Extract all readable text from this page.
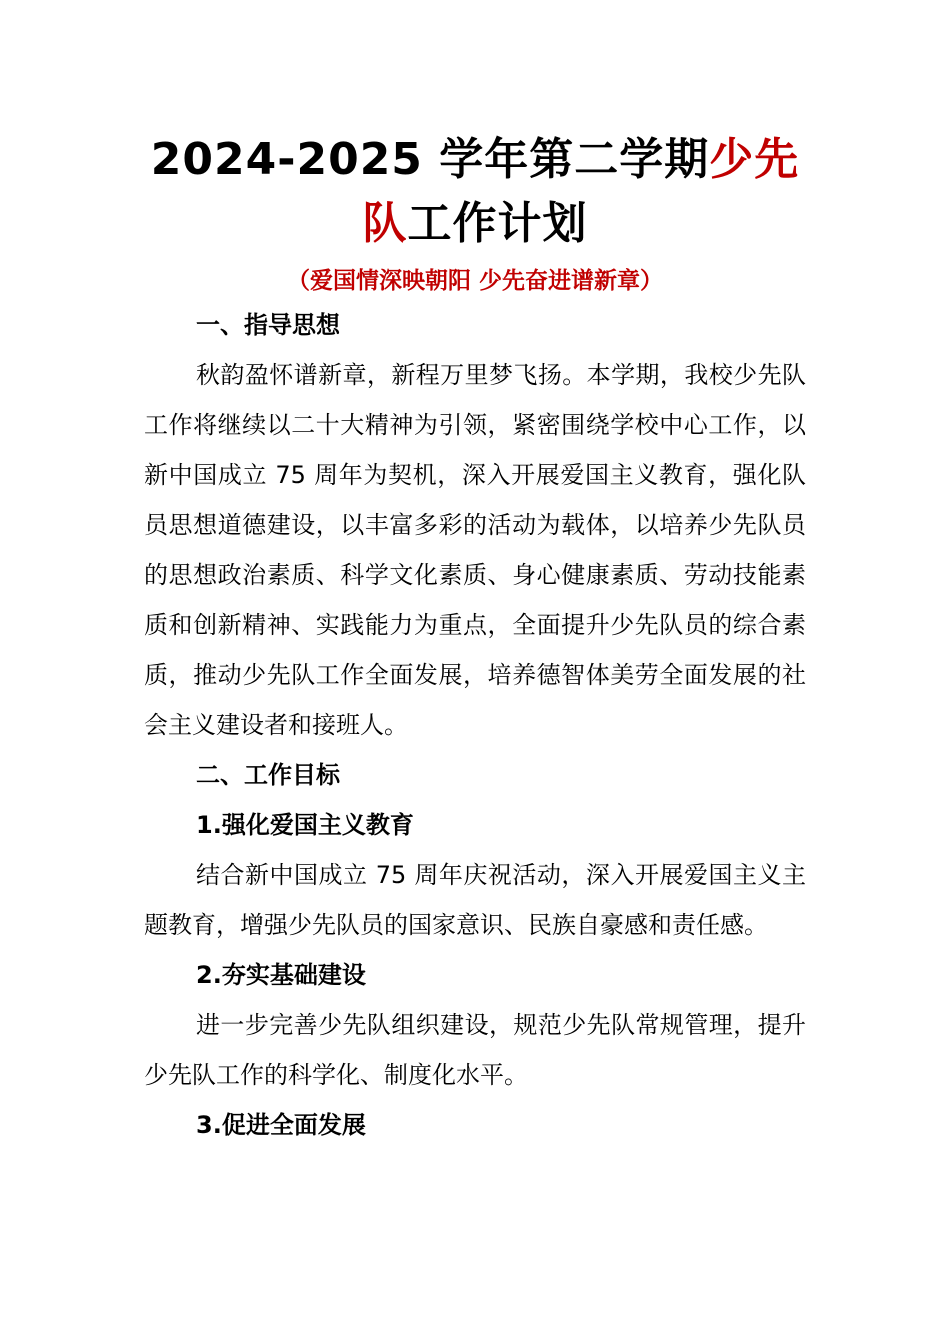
2024-2025 学年第二学期少先
队工作计划

（爱国情深映朝阳 少先奋进谱新章）

一、指导思想

秋韵盈怀谱新章，新程万里梦飞扬。本学期，我校少先队工作将继续以二十大精神为引领，紧密围绕学校中心工作，以新中国成立 75 周年为契机，深入开展爱国主义教育，强化队员思想道德建设，以丰富多彩的活动为载体，以培养少先队员的思想政治素质、科学文化素质、身心健康素质、劳动技能素质和创新精神、实践能力为重点，全面提升少先队员的综合素质，推动少先队工作全面发展，培养德智体美劳全面发展的社会主义建设者和接班人。

二、工作目标

1.强化爱国主义教育

结合新中国成立 75 周年庆祝活动，深入开展爱国主义主题教育，增强少先队员的国家意识、民族自豪感和责任感。

2.夯实基础建设

进一步完善少先队组织建设，规范少先队常规管理，提升少先队工作的科学化、制度化水平。

3.促进全面发展
